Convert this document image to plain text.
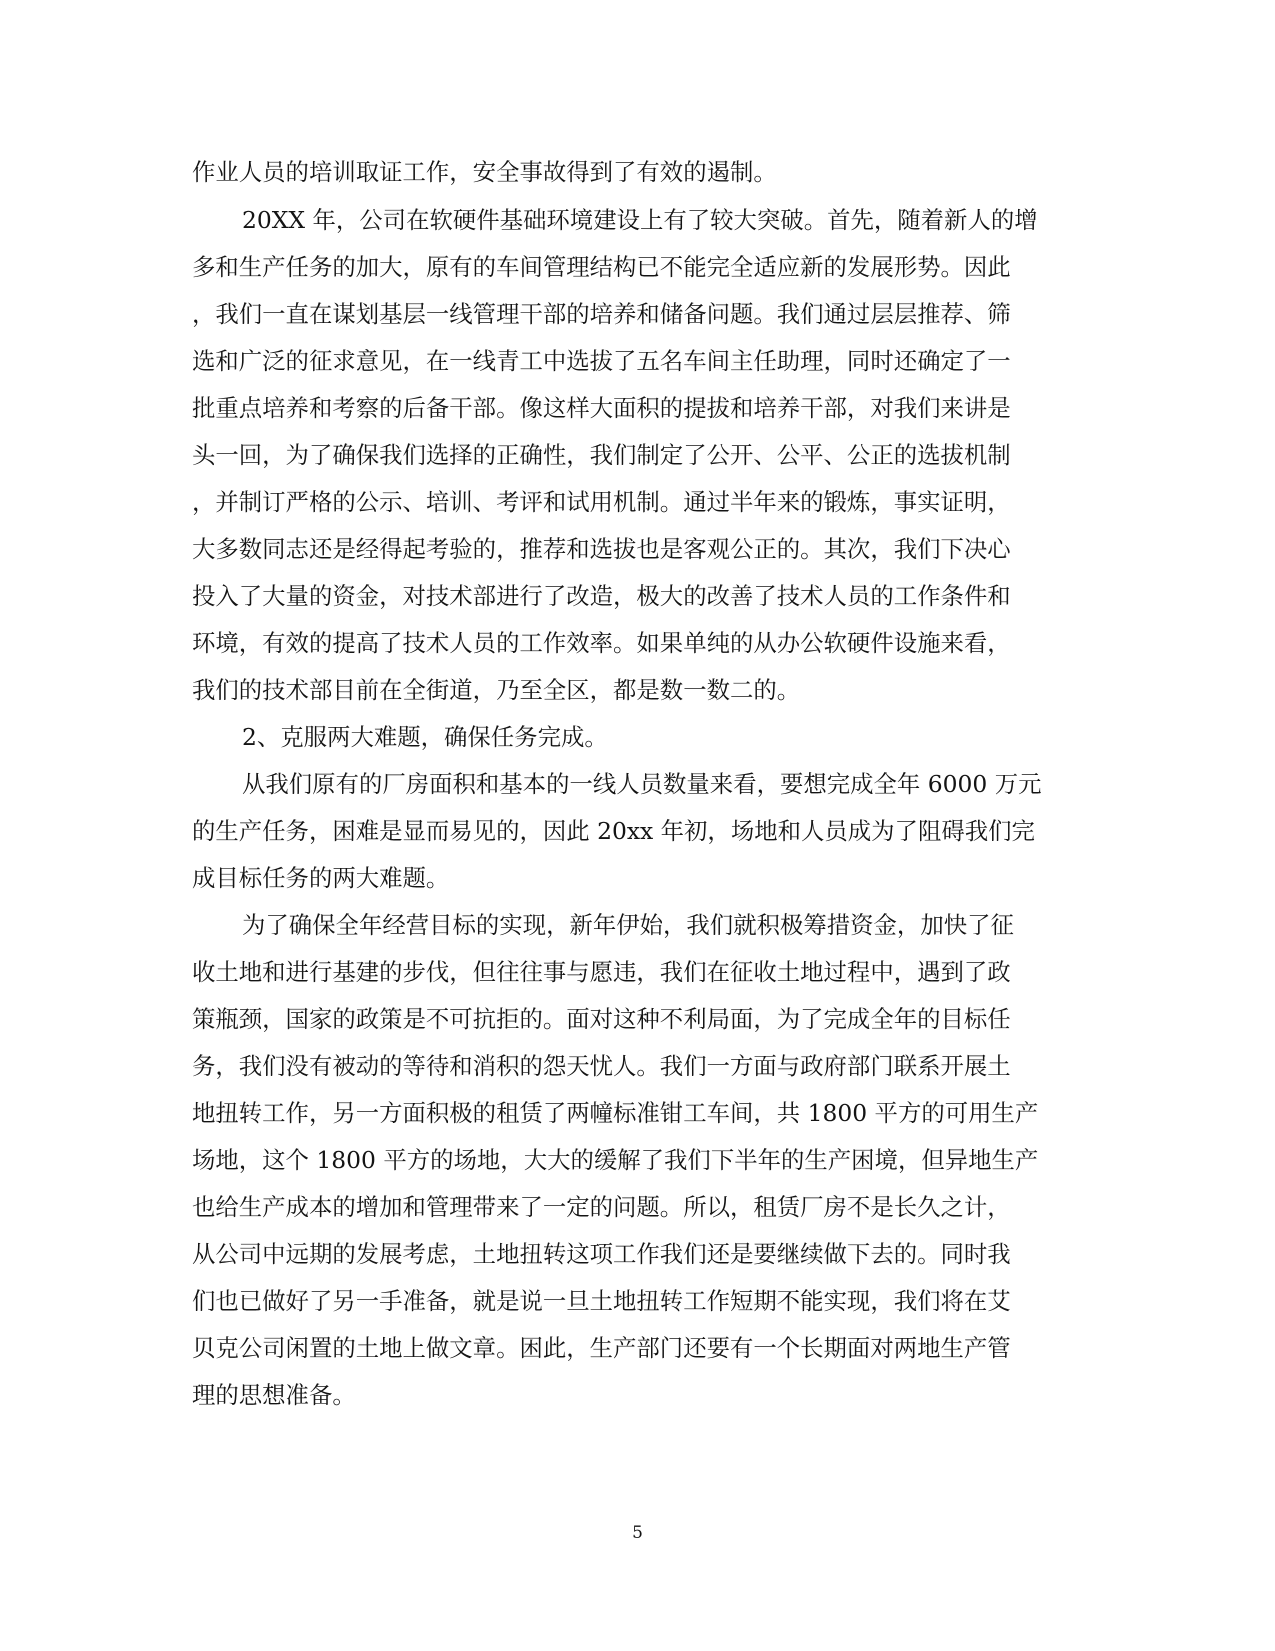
作业人员的培训取证工作，安全事故得到了有效的遏制。

20XX 年，公司在软硬件基础环境建设上有了较大突破。首先，随着新人的增

多和生产任务的加大，原有的车间管理结构已不能完全适应新的发展形势。因此

，我们一直在谋划基层一线管理干部的培养和储备问题。我们通过层层推荐、筛

选和广泛的征求意见，在一线青工中选拔了五名车间主任助理，同时还确定了一

批重点培养和考察的后备干部。像这样大面积的提拔和培养干部，对我们来讲是

头一回，为了确保我们选择的正确性，我们制定了公开、公平、公正的选拔机制

，并制订严格的公示、培训、考评和试用机制。通过半年来的锻炼，事实证明，

大多数同志还是经得起考验的，推荐和选拔也是客观公正的。其次，我们下决心

投入了大量的资金，对技术部进行了改造，极大的改善了技术人员的工作条件和

环境，有效的提高了技术人员的工作效率。如果单纯的从办公软硬件设施来看，

我们的技术部目前在全街道，乃至全区，都是数一数二的。

2、克服两大难题，确保任务完成。

从我们原有的厂房面积和基本的一线人员数量来看，要想完成全年 6000 万元

的生产任务，困难是显而易见的，因此 20xx 年初，场地和人员成为了阻碍我们完

成目标任务的两大难题。

为了确保全年经营目标的实现，新年伊始，我们就积极筹措资金，加快了征

收土地和进行基建的步伐，但往往事与愿违，我们在征收土地过程中，遇到了政

策瓶颈，国家的政策是不可抗拒的。面对这种不利局面，为了完成全年的目标任

务，我们没有被动的等待和消积的怨天忧人。我们一方面与政府部门联系开展土

地扭转工作，另一方面积极的租赁了两幢标准钳工车间，共 1800 平方的可用生产

场地，这个 1800 平方的场地，大大的缓解了我们下半年的生产困境，但异地生产

也给生产成本的增加和管理带来了一定的问题。所以，租赁厂房不是长久之计，

从公司中远期的发展考虑，土地扭转这项工作我们还是要继续做下去的。同时我

们也已做好了另一手准备，就是说一旦土地扭转工作短期不能实现，我们将在艾

贝克公司闲置的土地上做文章。困此，生产部门还要有一个长期面对两地生产管

理的思想准备。

5
